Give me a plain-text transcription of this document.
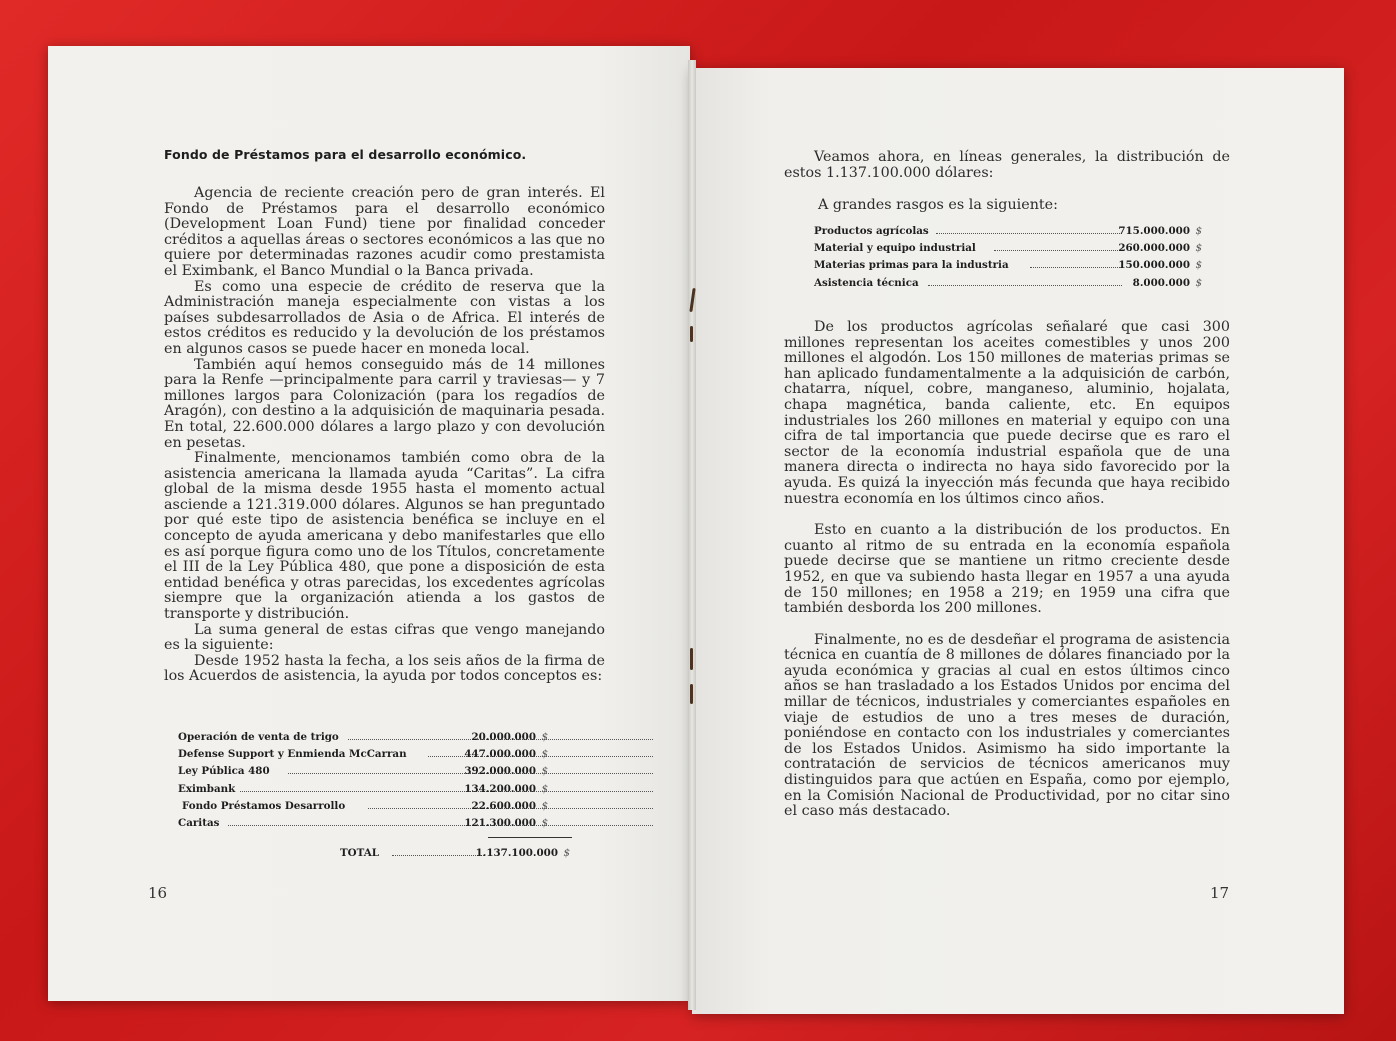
Fondo de Préstamos para el desarrollo económico.

Agencia de reciente creación pero de gran interés. El Fondo de Préstamos para el desarrollo económico (Development Loan Fund) tiene por finalidad conceder créditos a aquellas áreas o sectores económicos a las que no quiere por determinadas razones acudir como prestamista el Eximbank, el Banco Mundial o la Banca privada.

Es como una especie de crédito de reserva que la Administración maneja especialmente con vistas a los países subdesarrollados de Asia o de Africa. El interés de estos créditos es reducido y la devolución de los préstamos en algunos casos se puede hacer en moneda local.

También aquí hemos conseguido más de 14 millones para la Renfe —principalmente para carril y traviesas— y 7 millones largos para Colonización (para los regadíos de Aragón), con destino a la adquisición de maquinaria pesada. En total, 22.600.000 dólares a largo plazo y con devolución en pesetas.

Finalmente, mencionamos también como obra de la asistencia americana la llamada ayuda “Caritas”. La cifra global de la misma desde 1955 hasta el momento actual asciende a 121.319.000 dólares. Algunos se han preguntado por qué este tipo de asistencia benéfica se incluye en el concepto de ayuda americana y debo manifestarles que ello es así porque figura como uno de los Títulos, concretamente el III de la Ley Pública 480, que pone a disposición de esta entidad benéfica y otras parecidas, los excedentes agrícolas siempre que la organización atienda a los gastos de transporte y distribución.

La suma general de estas cifras que vengo manejando es la siguiente:

Desde 1952 hasta la fecha, a los seis años de la firma de los Acuerdos de asistencia, la ayuda por todos conceptos es:

Operación de venta de trigo	20.000.000 $
Defense Support y Enmienda McCarran	447.000.000 $
Ley Pública 480	392.000.000 $
Eximbank	134.200.000 $
Fondo Préstamos Desarrollo	22.600.000 $
Caritas	121.300.000 $
TOTAL	1.137.100.000 $
16

Veamos ahora, en líneas generales, la distribución de estos 1.137.100.000 dólares:

A grandes rasgos es la siguiente:
Productos agrícolas	715.000.000 $
Material y equipo industrial	260.000.000 $
Materias primas para la industria	150.000.000 $
Asistencia técnica	8.000.000 $

De los productos agrícolas señalaré que casi 300 millones representan los aceites comestibles y unos 200 millones el algodón. Los 150 millones de materias primas se han aplicado fundamentalmente a la adquisición de carbón, chatarra, níquel, cobre, manganeso, aluminio, hojalata, chapa magnética, banda caliente, etc. En equipos industriales los 260 millones en material y equipo con una cifra de tal importancia que puede decirse que es raro el sector de la economía industrial española que de una manera directa o indirecta no haya sido favorecido por la ayuda. Es quizá la inyección más fecunda que haya recibido nuestra economía en los últimos cinco años.

Esto en cuanto a la distribución de los productos. En cuanto al ritmo de su entrada en la economía española puede decirse que se mantiene un ritmo creciente desde 1952, en que va subiendo hasta llegar en 1957 a una ayuda de 150 millones; en 1958 a 219; en 1959 una cifra que también desborda los 200 millones.

Finalmente, no es de desdeñar el programa de asistencia técnica en cuantía de 8 millones de dólares financiado por la ayuda económica y gracias al cual en estos últimos cinco años se han trasladado a los Estados Unidos por encima del millar de técnicos, industriales y comerciantes españoles en viaje de estudios de uno a tres meses de duración, poniéndose en contacto con los industriales y comerciantes de los Estados Unidos. Asimismo ha sido importante la contratación de servicios de técnicos americanos muy distinguidos para que actúen en España, como por ejemplo, en la Comisión Nacional de Productividad, por no citar sino el caso más destacado.

17
